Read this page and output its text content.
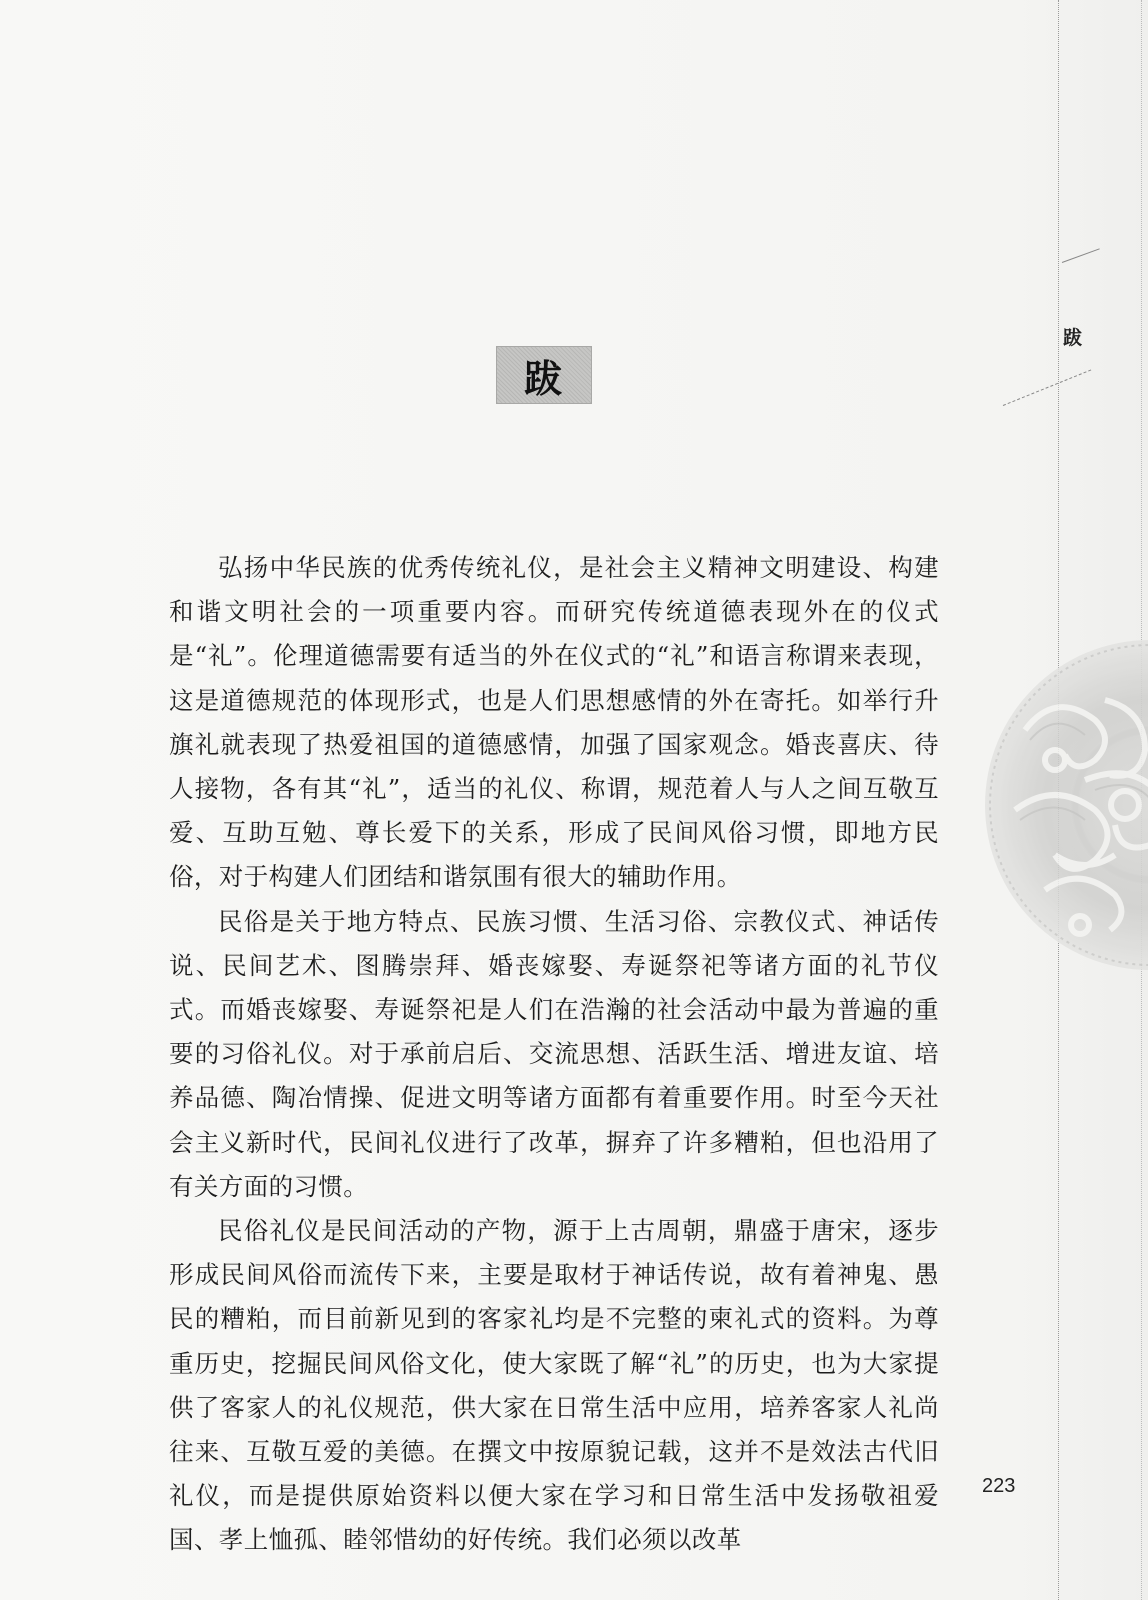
跋
跋

弘扬中华民族的优秀传统礼仪，是社会主义精神文明建设、构建和谐文明社会的一项重要内容。而研究传统道德表现外在的仪式是“礼”。伦理道德需要有适当的外在仪式的“礼”和语言称谓来表现，这是道德规范的体现形式，也是人们思想感情的外在寄托。如举行升旗礼就表现了热爱祖国的道德感情，加强了国家观念。婚丧喜庆、待人接物，各有其“礼”，适当的礼仪、称谓，规范着人与人之间互敬互爱、互助互勉、尊长爱下的关系，形成了民间风俗习惯，即地方民俗，对于构建人们团结和谐氛围有很大的辅助作用。

民俗是关于地方特点、民族习惯、生活习俗、宗教仪式、神话传说、民间艺术、图腾崇拜、婚丧嫁娶、寿诞祭祀等诸方面的礼节仪式。而婚丧嫁娶、寿诞祭祀是人们在浩瀚的社会活动中最为普遍的重要的习俗礼仪。对于承前启后、交流思想、活跃生活、增进友谊、培养品德、陶冶情操、促进文明等诸方面都有着重要作用。时至今天社会主义新时代，民间礼仪进行了改革，摒弃了许多糟粕，但也沿用了有关方面的习惯。

民俗礼仪是民间活动的产物，源于上古周朝，鼎盛于唐宋，逐步形成民间风俗而流传下来，主要是取材于神话传说，故有着神鬼、愚民的糟粕，而目前新见到的客家礼均是不完整的柬礼式的资料。为尊重历史，挖掘民间风俗文化，使大家既了解“礼”的历史，也为大家提供了客家人的礼仪规范，供大家在日常生活中应用，培养客家人礼尚往来、互敬互爱的美德。在撰文中按原貌记载，这并不是效法古代旧礼仪，而是提供原始资料以便大家在学习和日常生活中发扬敬祖爱国、孝上恤孤、睦邻惜幼的好传统。我们必须以改革

223
